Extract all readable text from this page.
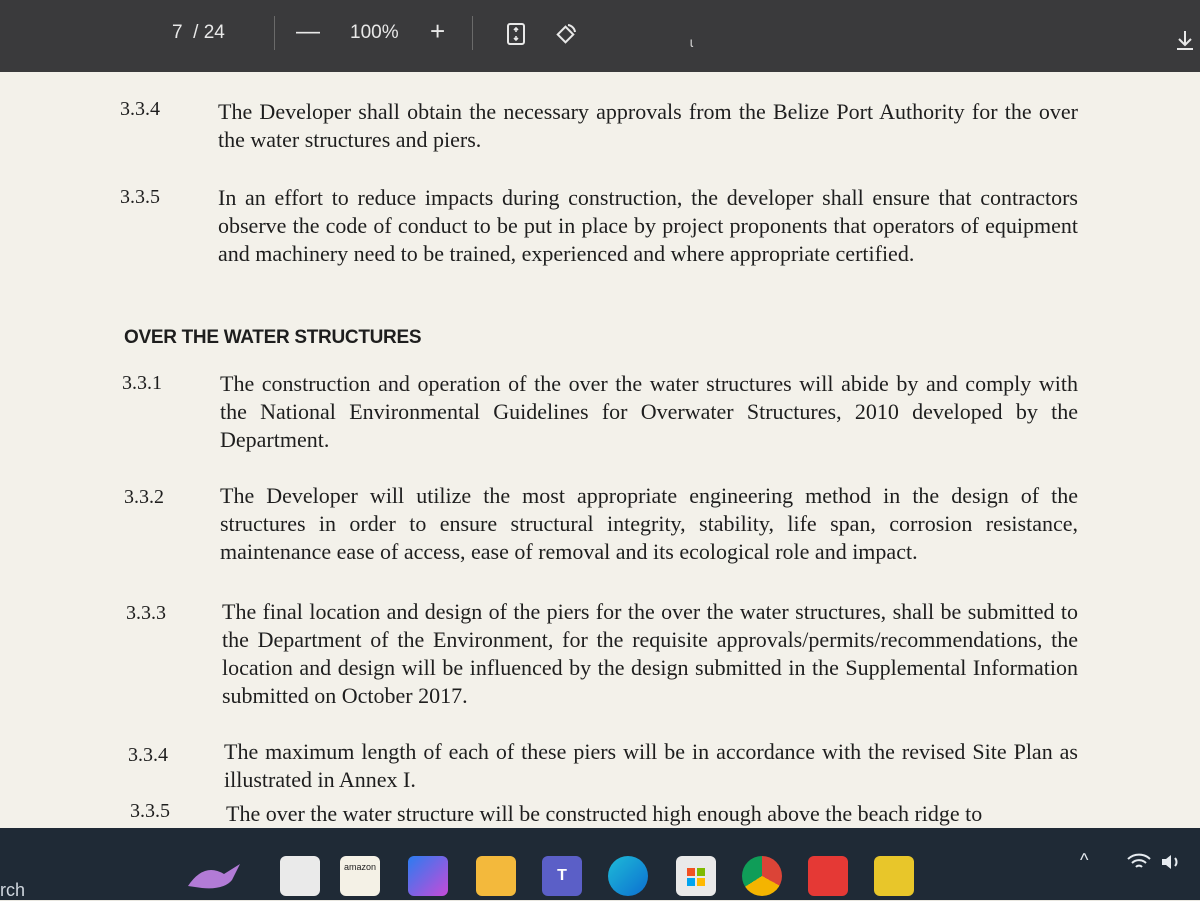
7 / 24	— 100% +	ɩ
3.3.4	The Developer shall obtain the necessary approvals from the Belize Port Authority for the over the water structures and piers.
3.3.5	In an effort to reduce impacts during construction, the developer shall ensure that contractors observe the code of conduct to be put in place by project proponents that operators of equipment and machinery need to be trained, experienced and where appropriate certified.
OVER THE WATER STRUCTURES
3.3.1	The construction and operation of the over the water structures will abide by and comply with the National Environmental Guidelines for Overwater Structures, 2010 developed by the Department.
3.3.2	The Developer will utilize the most appropriate engineering method in the design of the structures in order to ensure structural integrity, stability, life span, corrosion resistance, maintenance ease of access, ease of removal and its ecological role and impact.
3.3.3	The final location and design of the piers for the over the water structures, shall be submitted to the Department of the Environment, for the requisite approvals/permits/recommendations, the location and design will be influenced by the design submitted in the Supplemental Information submitted on October 2017.
3.3.4	The maximum length of each of these piers will be in accordance with the revised Site Plan as illustrated in Annex I.
3.3.5	The over the water structure will be constructed high enough above the beach ridge to
rch
amazon	T
^
